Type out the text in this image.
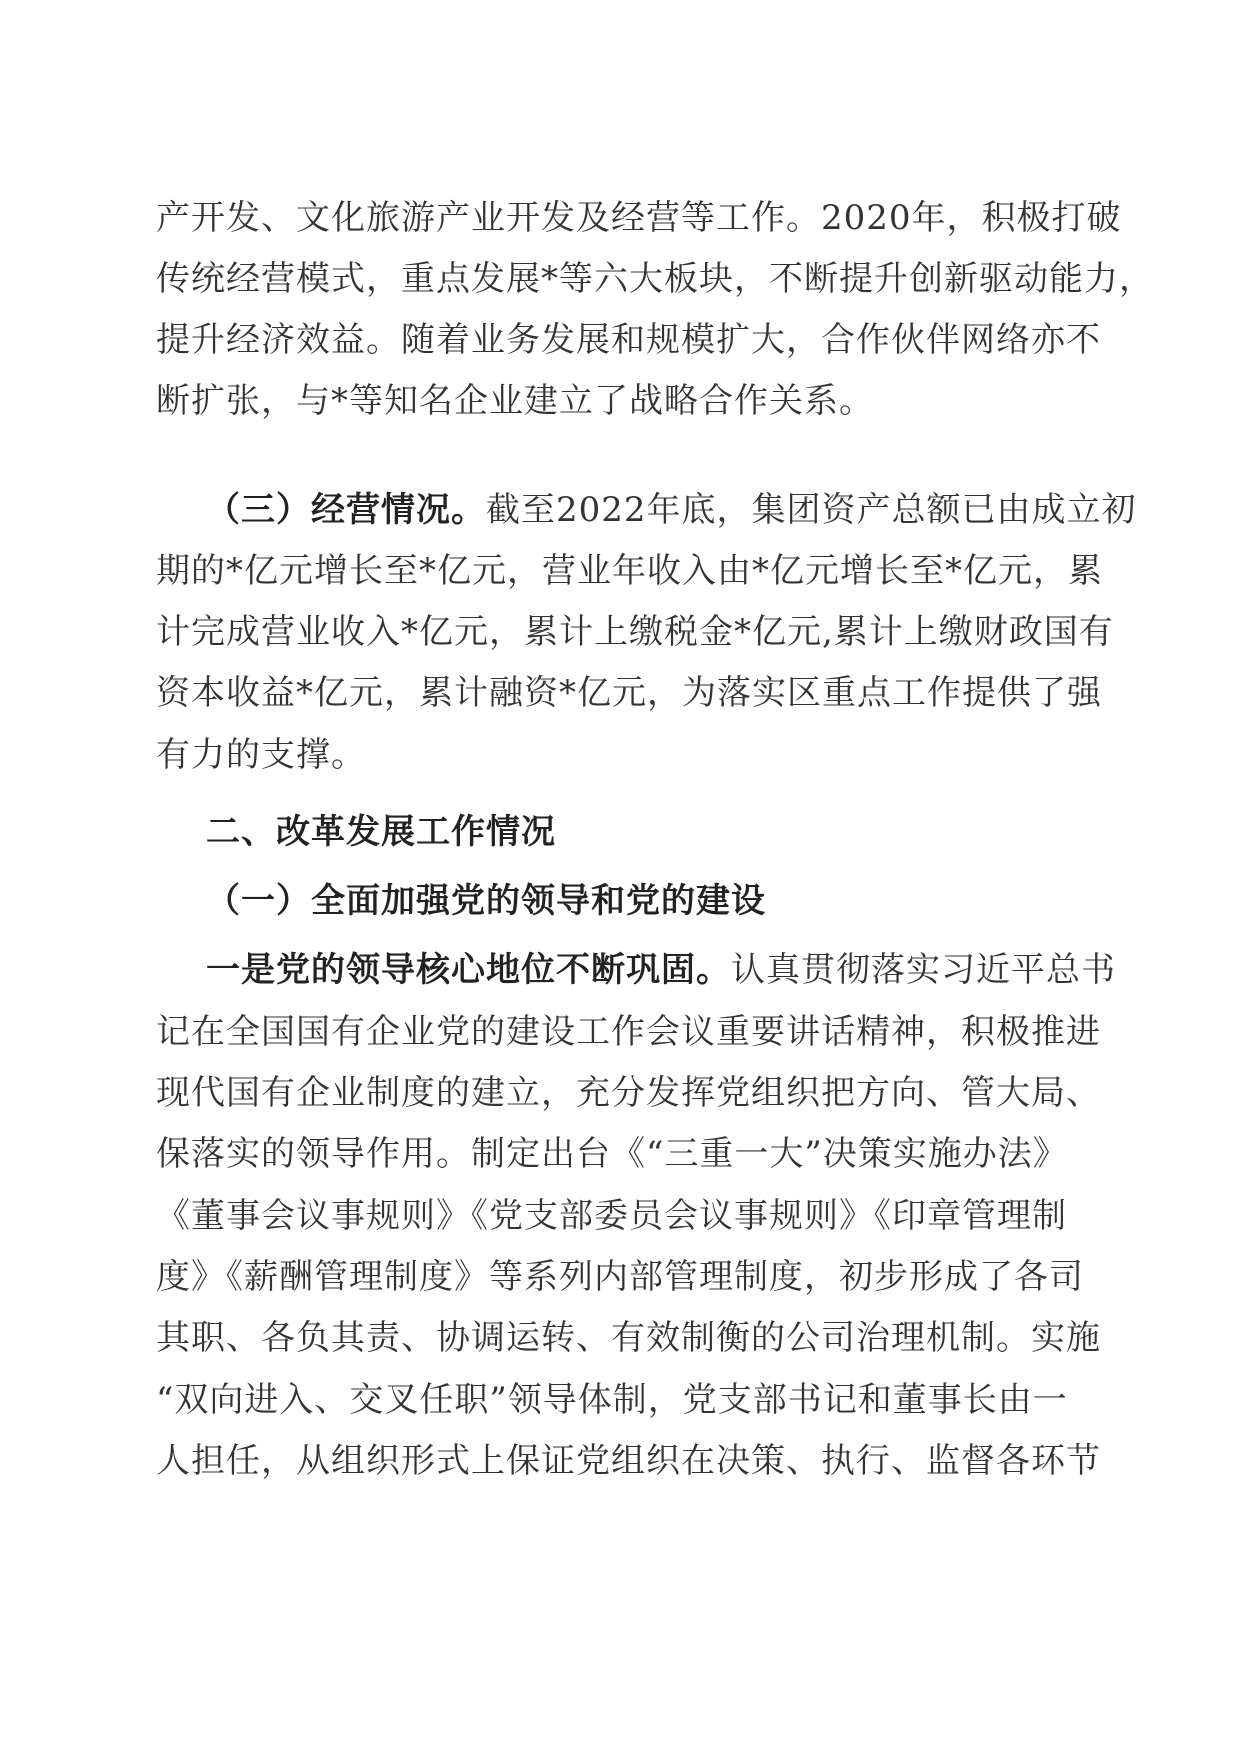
产开发、文化旅游产业开发及经营等工作。2020年，积极打破
传统经营模式，重点发展*等六大板块，不断提升创新驱动能力，
提升经济效益。随着业务发展和规模扩大，合作伙伴网络亦不
断扩张，与*等知名企业建立了战略合作关系。
（三）经营情况。截至2022年底，集团资产总额已由成立初
期的*亿元增长至*亿元，营业年收入由*亿元增长至*亿元，累
计完成营业收入*亿元，累计上缴税金*亿元,累计上缴财政国有
资本收益*亿元，累计融资*亿元，为落实区重点工作提供了强
有力的支撑。
二、改革发展工作情况
（一）全面加强党的领导和党的建设
一是党的领导核心地位不断巩固。认真贯彻落实习近平总书
记在全国国有企业党的建设工作会议重要讲话精神，积极推进
现代国有企业制度的建立，充分发挥党组织把方向、管大局、
保落实的领导作用。制定出台《“三重一大”决策实施办法》
《董事会议事规则》《党支部委员会议事规则》《印章管理制
度》《薪酬管理制度》等系列内部管理制度，初步形成了各司
其职、各负其责、协调运转、有效制衡的公司治理机制。实施
“双向进入、交叉任职”领导体制，党支部书记和董事长由一
人担任，从组织形式上保证党组织在决策、执行、监督各环节
